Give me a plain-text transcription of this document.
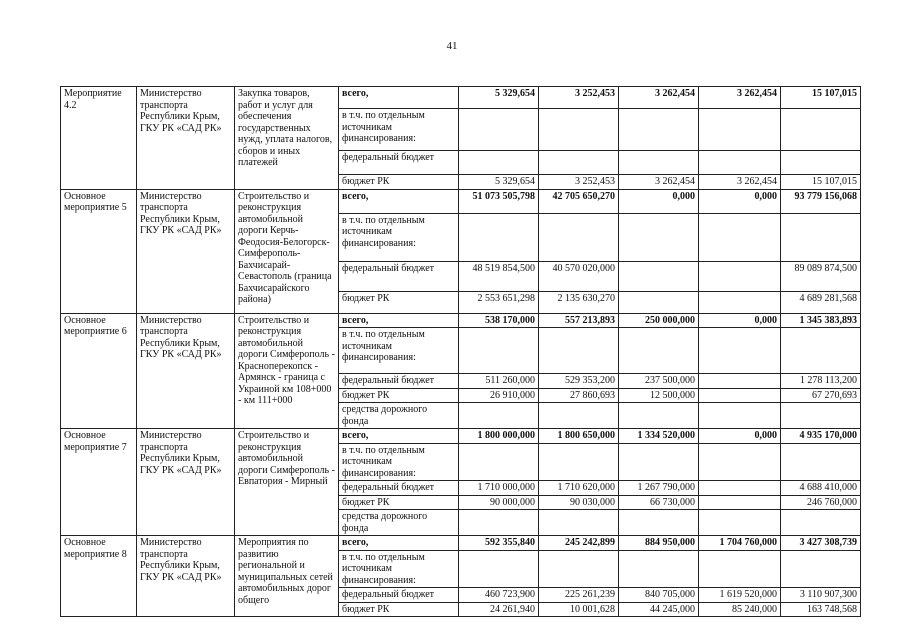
41
Мероприятие 4.2	Министерство транспорта Республики Крым, ГКУ РК «САД РК»	Закупка товаров, работ и услуг для обеспечения государственных нужд, уплата налогов, сборов и иных платежей	всего,	5 329,654	3 252,453	3 262,454	3 262,454	15 107,015
			в т.ч. по отдельным источникам финансирования:					
			федеральный бюджет					
			бюджет РК	5 329,654	3 252,453	3 262,454	3 262,454	15 107,015
Основное мероприятие 5	Министерство транспорта Республики Крым, ГКУ РК «САД РК»	Строительство и реконструкция автомобильной дороги Керчь-Феодосия-Белогорск-Симферополь-Бахчисарай-Севастополь (граница Бахчисарайского района)	всего,	51 073 505,798	42 705 650,270	0,000	0,000	93 779 156,068
			в т.ч. по отдельным источникам финансирования:					
			федеральный бюджет	48 519 854,500	40 570 020,000			89 089 874,500
			бюджет РК	2 553 651,298	2 135 630,270			4 689 281,568
Основное мероприятие 6	Министерство транспорта Республики Крым, ГКУ РК «САД РК»	Строительство и реконструкция автомобильной дороги Симферополь - Красноперекопск - Армянск - граница с Украиной км 108+000 - км 111+000	всего,	538 170,000	557 213,893	250 000,000	0,000	1 345 383,893
			в т.ч. по отдельным источникам финансирования:					
			федеральный бюджет	511 260,000	529 353,200	237 500,000		1 278 113,200
			бюджет РК	26 910,000	27 860,693	12 500,000		67 270,693
			средства дорожного фонда					
Основное мероприятие 7	Министерство транспорта Республики Крым, ГКУ РК «САД РК»	Строительство и реконструкция автомобильной дороги Симферополь - Евпатория - Мирный	всего,	1 800 000,000	1 800 650,000	1 334 520,000	0,000	4 935 170,000
			в т.ч. по отдельным источникам финансирования:					
			федеральный бюджет	1 710 000,000	1 710 620,000	1 267 790,000		4 688 410,000
			бюджет РК	90 000,000	90 030,000	66 730,000		246 760,000
			средства дорожного фонда					
Основное мероприятие 8	Министерство транспорта Республики Крым, ГКУ РК «САД РК»	Мероприятия по развитию региональной и муниципальных сетей автомобильных дорог общего	всего,	592 355,840	245 242,899	884 950,000	1 704 760,000	3 427 308,739
			в т.ч. по отдельным источникам финансирования:					
			федеральный бюджет	460 723,900	225 261,239	840 705,000	1 619 520,000	3 110 907,300
			бюджет РК	24 261,940	10 001,628	44 245,000	85 240,000	163 748,568
